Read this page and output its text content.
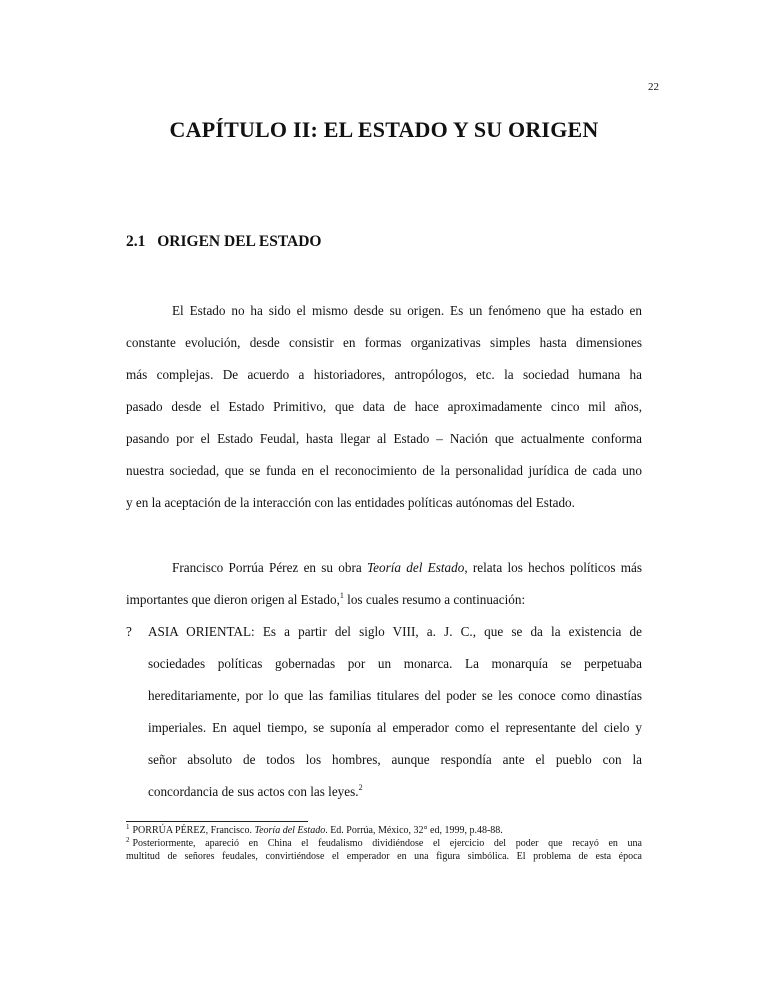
22
CAPÍTULO II: EL ESTADO Y SU ORIGEN
2.1 ORIGEN DEL ESTADO
El Estado no ha sido el mismo desde su origen. Es un fenómeno que ha estado en
constante evolución, desde consistir en formas organizativas simples hasta dimensiones
más complejas. De acuerdo a historiadores, antropólogos, etc. la sociedad humana ha
pasado desde el Estado Primitivo, que data de hace aproximadamente cinco mil años,
pasando por el Estado Feudal, hasta llegar al Estado – Nación que actualmente conforma
nuestra sociedad, que se funda en el reconocimiento de la personalidad jurídica de cada uno
y en la aceptación de la interacción con las entidades políticas autónomas del Estado.
Francisco Porrúa Pérez en su obra Teoría del Estado, relata los hechos políticos más
importantes que dieron origen al Estado,$^1$ los cuales resumo a continuación:
?	ASIA ORIENTAL: Es a partir del siglo VIII, a. J. C., que se da la existencia de
sociedades políticas gobernadas por un monarca. La monarquía se perpetuaba
hereditariamente, por lo que las familias titulares del poder se les conoce como dinastías
imperiales. En aquel tiempo, se suponía al emperador como el representante del cielo y
señor absoluto de todos los hombres, aunque respondía ante el pueblo con la
concordancia de sus actos con las leyes.$^2$
$^1$ PORRÚA PÉREZ, Francisco. Teoría del Estado. Ed. Porrúa, México, 32° ed, 1999, p.48-88.
$^2$ Posteriormente, apareció en China el feudalismo dividiéndose el ejercicio del poder que recayó en una
multitud de señores feudales, convirtiéndose el emperador en una figura simbólica. El problema de esta época
